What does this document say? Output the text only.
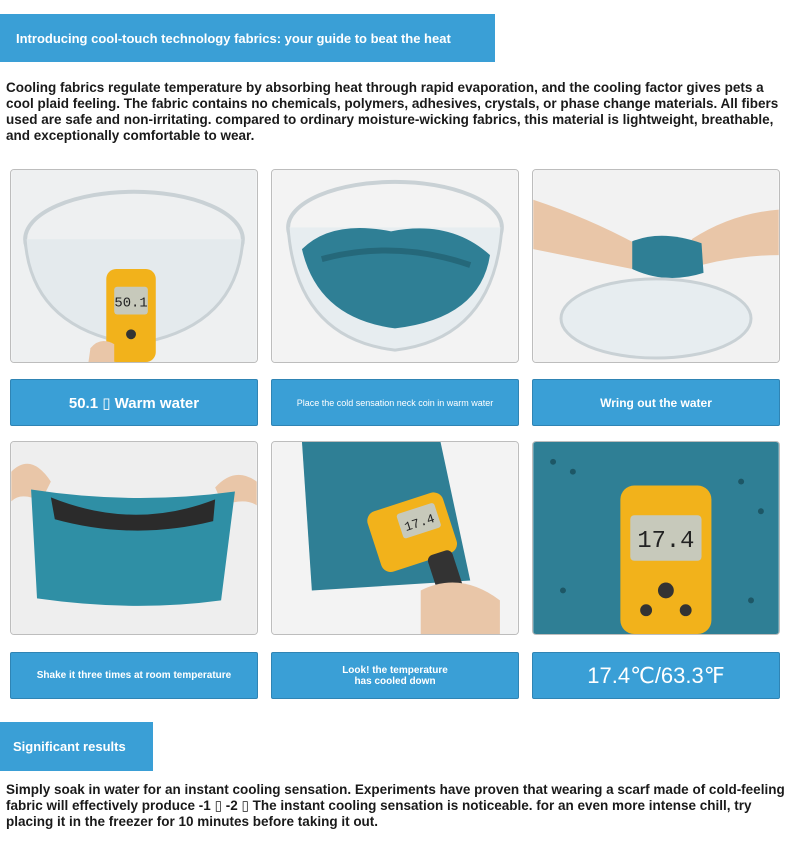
Introducing cool-touch technology fabrics: your guide to beat the heat
Cooling fabrics regulate temperature by absorbing heat through rapid evaporation, and the cooling factor gives pets a cool plaid feeling. The fabric contains no chemicals, polymers, adhesives, crystals, or phase change materials. All fibers used are safe and non-irritating. compared to ordinary moisture-wicking fabrics, this material is lightweight, breathable, and exceptionally comfortable to wear.
50.1
50.1 ▯ Warm water	Place the cold sensation neck coin in warm water	Wring out the water
17.4
17.4
Shake it three times at room temperature	Look! the temperature has cooled down	17.4℃/63.3℉
Significant results
Simply soak in water for an instant cooling sensation. Experiments have proven that wearing a scarf made of cold-feeling fabric will effectively produce -1 ▯ -2 ▯ The instant cooling sensation is noticeable. for an even more intense chill, try placing it in the freezer for 10 minutes before taking it out.
